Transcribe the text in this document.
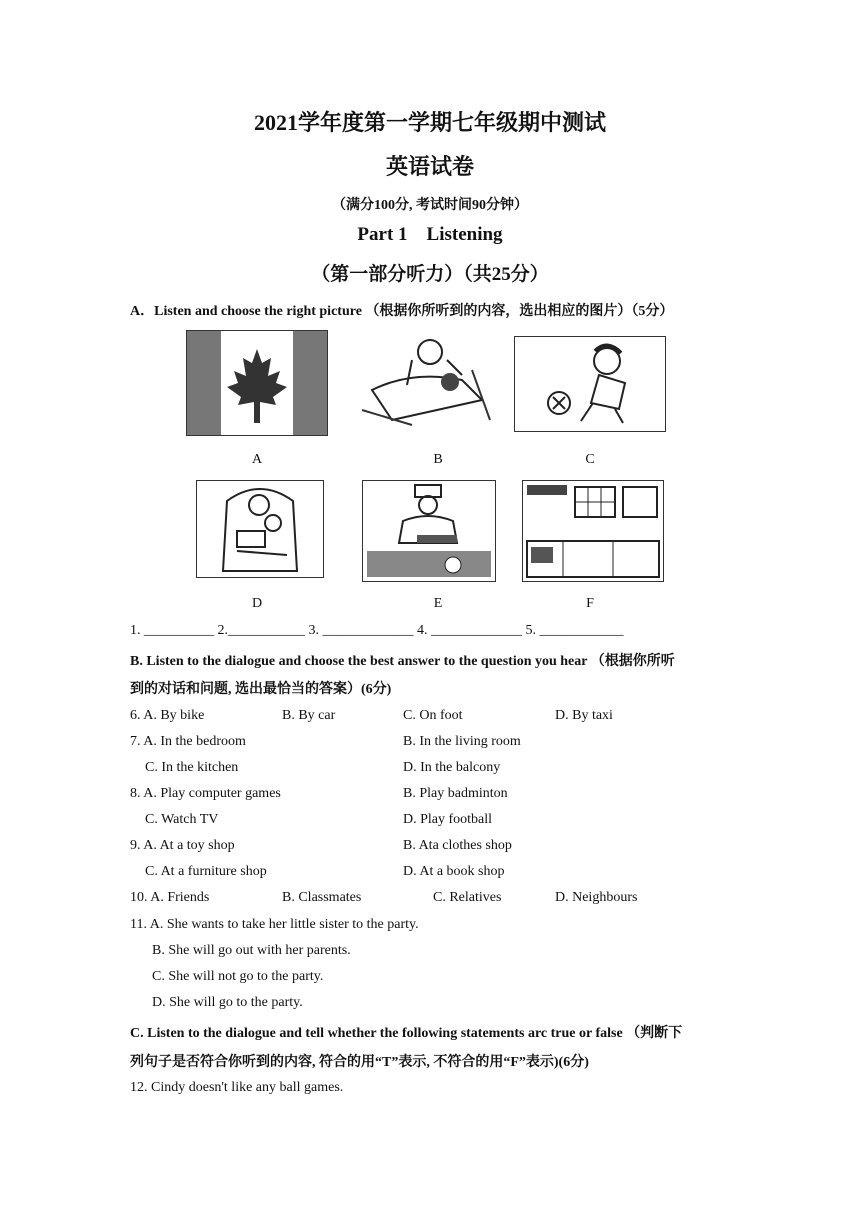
2021学年度第一学期七年级期中测试
英语试卷
（满分100分, 考试时间90分钟）
Part 1    Listening
（第一部分听力）（共25分）
A．Listen and choose the right picture （根据你所听到的内容，选出相应的图片）（5分）
A	B	C
D	E	F
1. __________ 2.___________ 3. _____________ 4. _____________ 5. ____________
B. Listen to the dialogue and choose the best answer to the question you hear （根据你所听
到的对话和问题, 选出最恰当的答案）(6分)
6. A. By bike	B. By car	C. On foot	D. By taxi
7. A. In the bedroom	B. In the living room
C. In the kitchen	D. In the balcony
8. A. Play computer games	B. Play badminton
C. Watch TV	D. Play football
9. A. At a toy shop	B. Ata clothes shop
C. At a furniture shop	D. At a book shop
10. A. Friends	B. Classmates	C. Relatives	D. Neighbours
11. A. She wants to take her little sister to the party.
B. She will go out with her parents.
C. She will not go to the party.
D. She will go to the party.
C. Listen to the dialogue and tell whether the following statements arc true or false （判断下
列句子是否符合你听到的内容, 符合的用“T”表示, 不符合的用“F”表示)(6分)
12. Cindy doesn't like any ball games.
